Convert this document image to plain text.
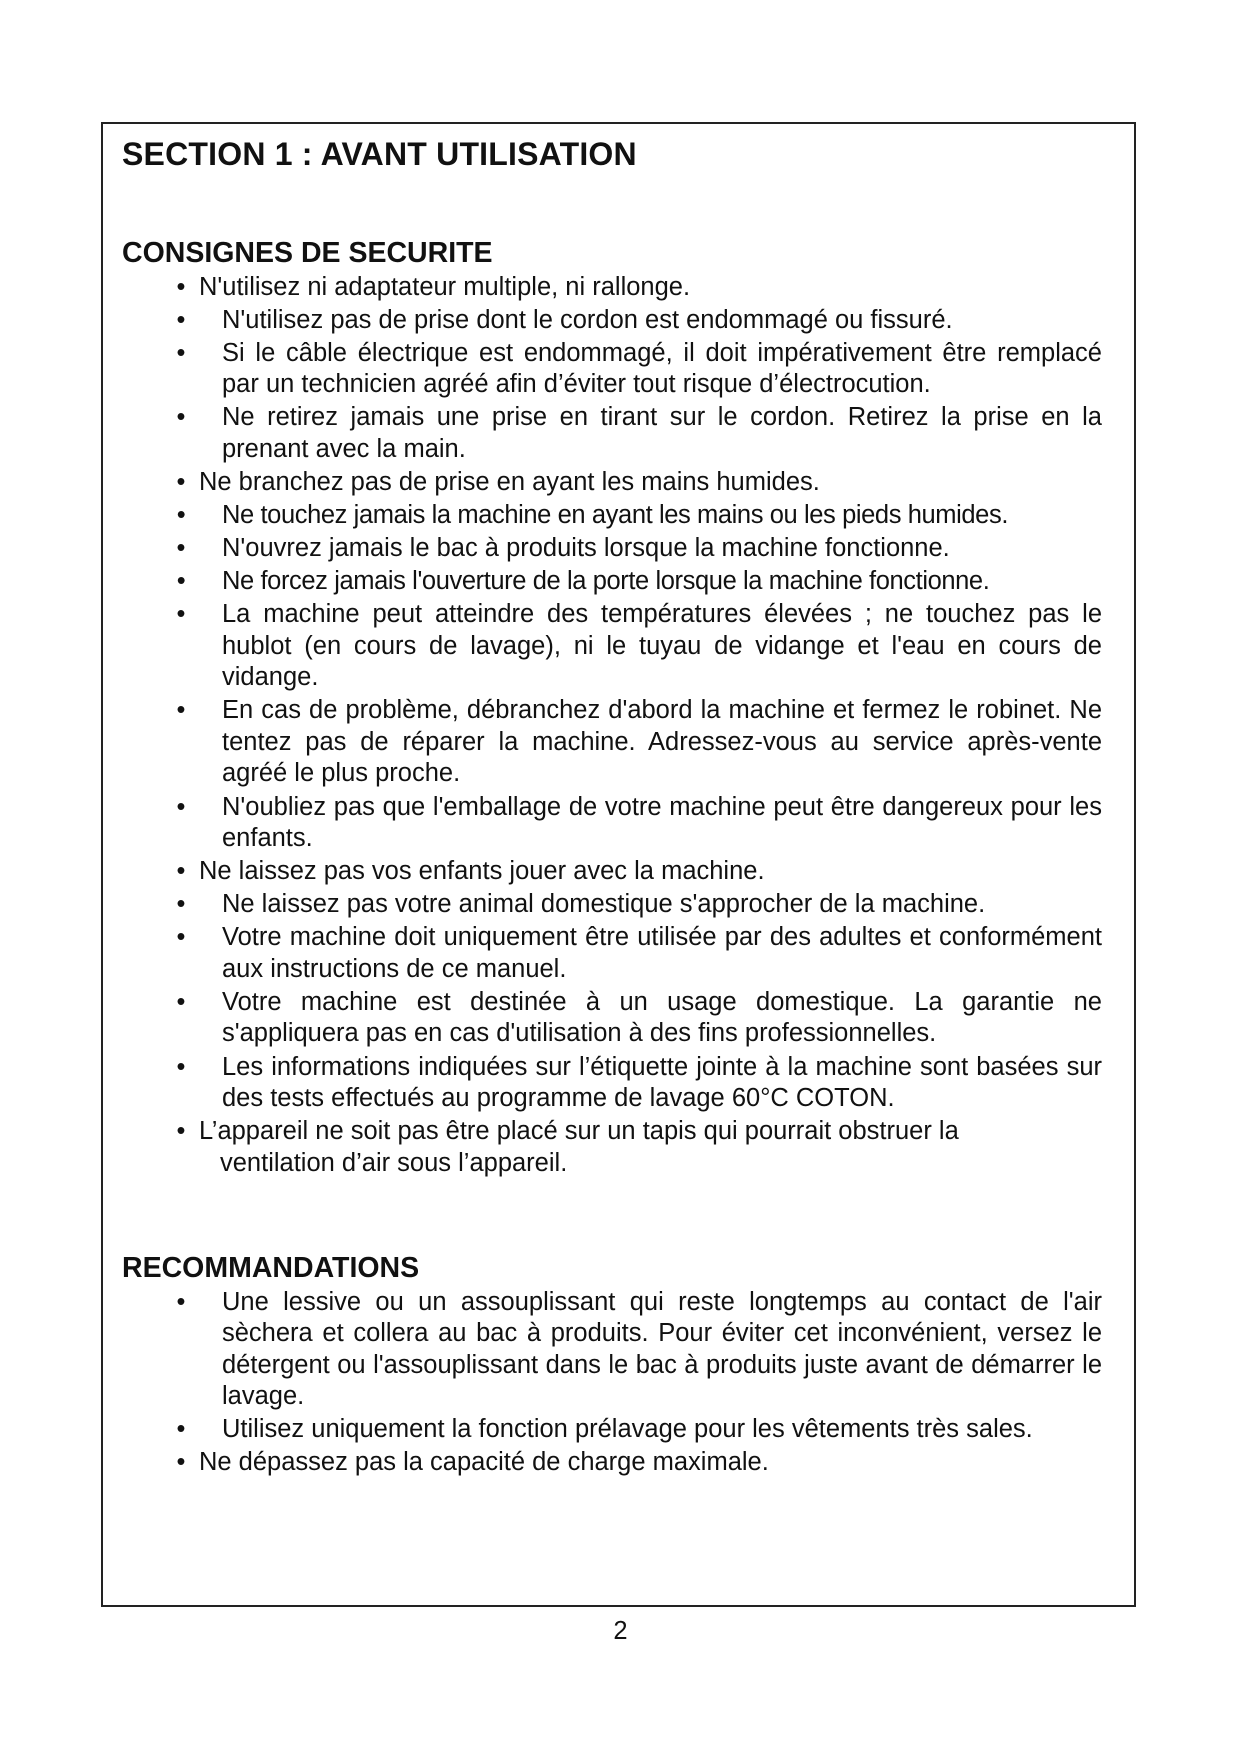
SECTION 1 : AVANT UTILISATION
CONSIGNES DE SECURITE
• N'utilisez ni adaptateur multiple, ni rallonge.
• N'utilisez pas de prise dont le cordon est endommagé ou fissuré.
• Si le câble électrique est endommagé, il doit impérativement être remplacé par un technicien agréé afin d’éviter tout risque d’électrocution.
• Ne retirez jamais une prise en tirant sur le cordon. Retirez la prise en la prenant avec la main.
• Ne branchez pas de prise en ayant les mains humides.
• Ne touchez jamais la machine en ayant les mains ou les pieds humides.
• N'ouvrez jamais le bac à produits lorsque la machine fonctionne.
• Ne forcez jamais l'ouverture de la porte lorsque la machine fonctionne.
• La machine peut atteindre des températures élevées ; ne touchez pas le hublot (en cours de lavage), ni le tuyau de vidange et l'eau en cours de vidange.
• En cas de problème, débranchez d'abord la machine et fermez le robinet. Ne tentez pas de réparer la machine. Adressez-vous au service après-vente agréé le plus proche.
• N'oubliez pas que l'emballage de votre machine peut être dangereux pour les enfants.
• Ne laissez pas vos enfants jouer avec la machine.
• Ne laissez pas votre animal domestique s'approcher de la machine.
• Votre machine doit uniquement être utilisée par des adultes et conformément aux instructions de ce manuel.
• Votre machine est destinée à un usage domestique. La garantie ne s'appliquera pas en cas d'utilisation à des fins professionnelles.
• Les informations indiquées sur l’étiquette jointe à la machine sont basées sur des tests effectués au programme de lavage 60°C COTON.
• L’appareil ne soit pas être placé sur un tapis qui pourrait obstruer la
ventilation d’air sous l’appareil.
RECOMMANDATIONS
• Une lessive ou un assouplissant qui reste longtemps au contact de l'air sèchera et collera au bac à produits. Pour éviter cet inconvénient, versez le détergent ou l'assouplissant dans le bac à produits juste avant de démarrer le lavage.
• Utilisez uniquement la fonction prélavage pour les vêtements très sales.
• Ne dépassez pas la capacité de charge maximale.
2
